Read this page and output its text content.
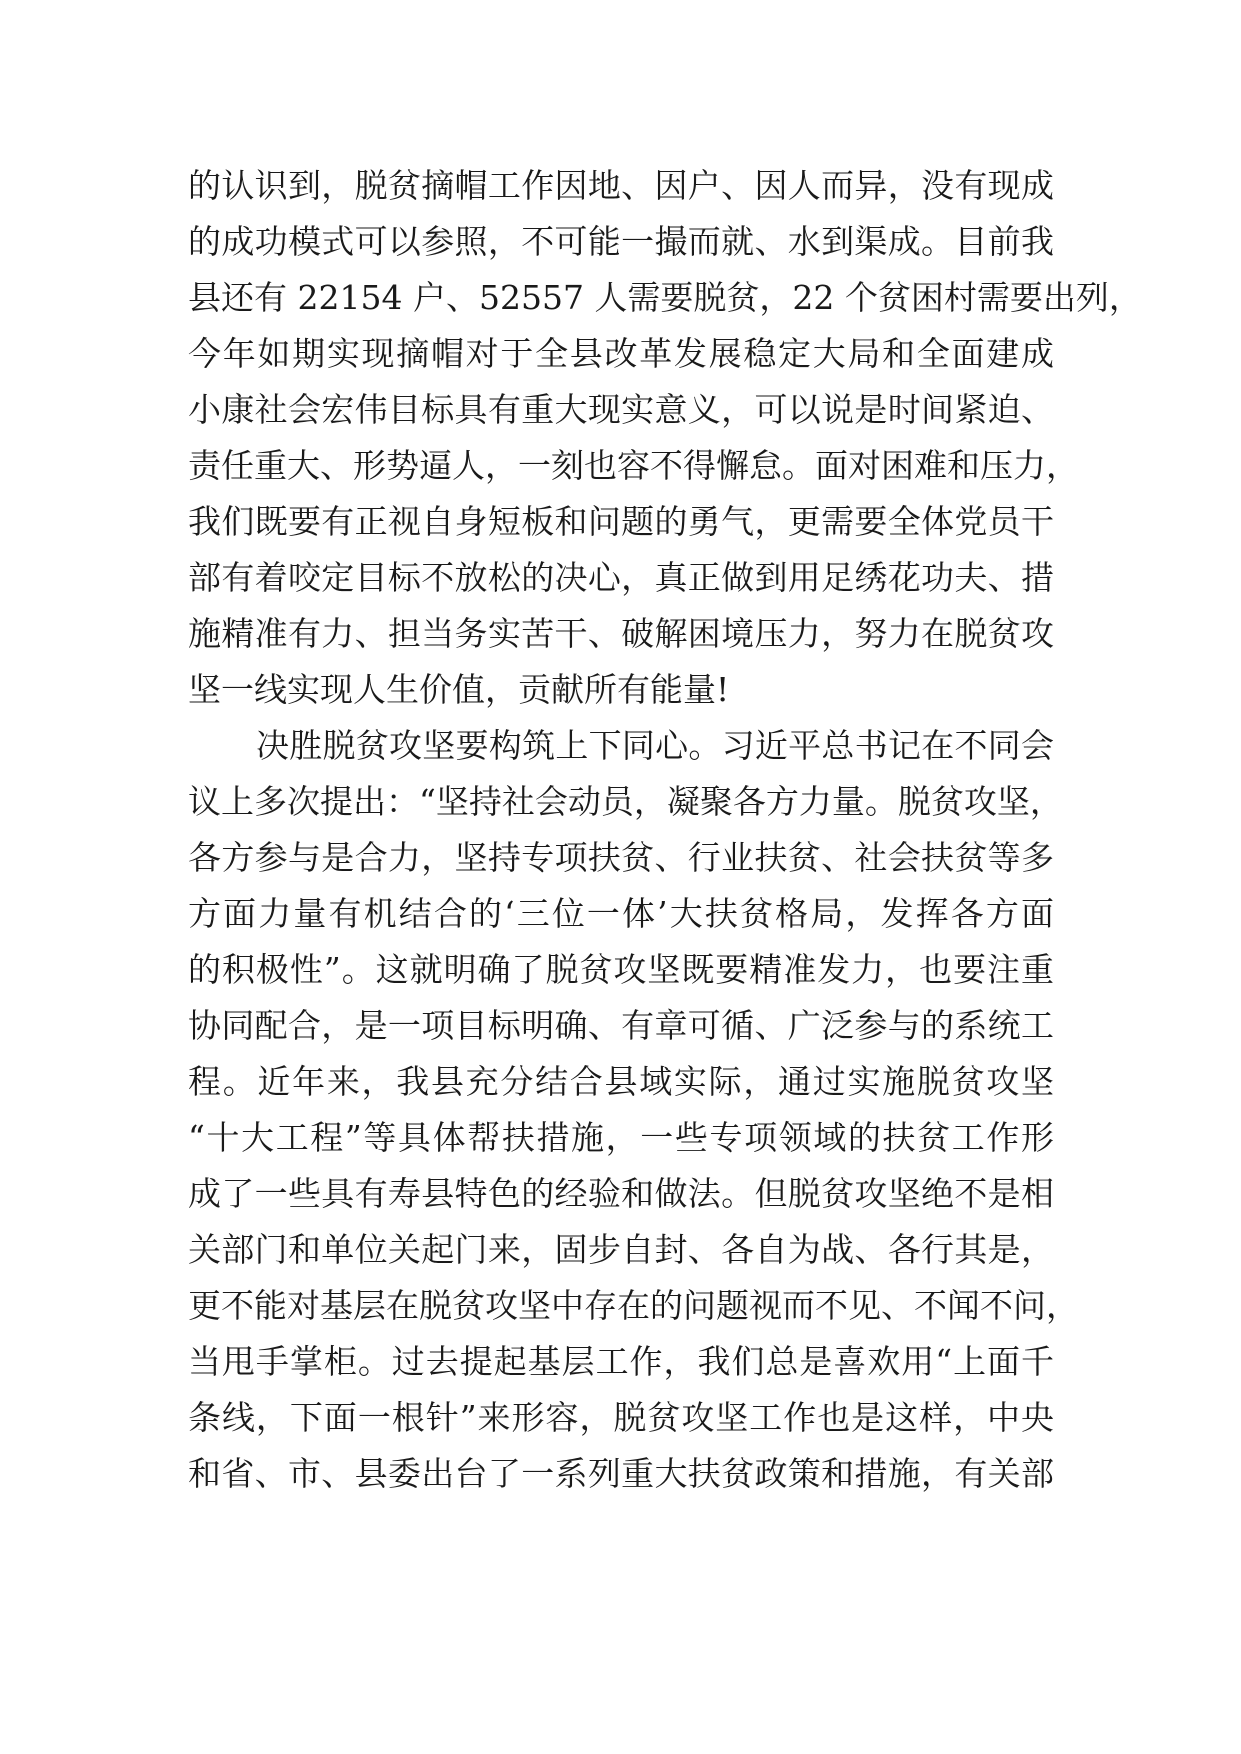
的认识到，脱贫摘帽工作因地、因户、因人而异，没有现成
的成功模式可以参照，不可能一撮而就、水到渠成。目前我
县还有 22154 户、52557 人需要脱贫，22 个贫困村需要出列，
今年如期实现摘帽对于全县改革发展稳定大局和全面建成
小康社会宏伟目标具有重大现实意义，可以说是时间紧迫、
责任重大、形势逼人，一刻也容不得懈怠。面对困难和压力，
我们既要有正视自身短板和问题的勇气，更需要全体党员干
部有着咬定目标不放松的决心，真正做到用足绣花功夫、措
施精准有力、担当务实苦干、破解困境压力，努力在脱贫攻
坚一线实现人生价值，贡献所有能量!
决胜脱贫攻坚要构筑上下同心。习近平总书记在不同会
议上多次提出：“坚持社会动员，凝聚各方力量。脱贫攻坚，
各方参与是合力，坚持专项扶贫、行业扶贫、社会扶贫等多
方面力量有机结合的‘三位一体’大扶贫格局，发挥各方面
的积极性”。这就明确了脱贫攻坚既要精准发力，也要注重
协同配合，是一项目标明确、有章可循、广泛参与的系统工
程。近年来，我县充分结合县域实际，通过实施脱贫攻坚
“十大工程”等具体帮扶措施，一些专项领域的扶贫工作形
成了一些具有寿县特色的经验和做法。但脱贫攻坚绝不是相
关部门和单位关起门来，固步自封、各自为战、各行其是，
更不能对基层在脱贫攻坚中存在的问题视而不见、不闻不问，
当甩手掌柜。过去提起基层工作，我们总是喜欢用“上面千
条线，下面一根针”来形容，脱贫攻坚工作也是这样，中央
和省、市、县委出台了一系列重大扶贫政策和措施，有关部
